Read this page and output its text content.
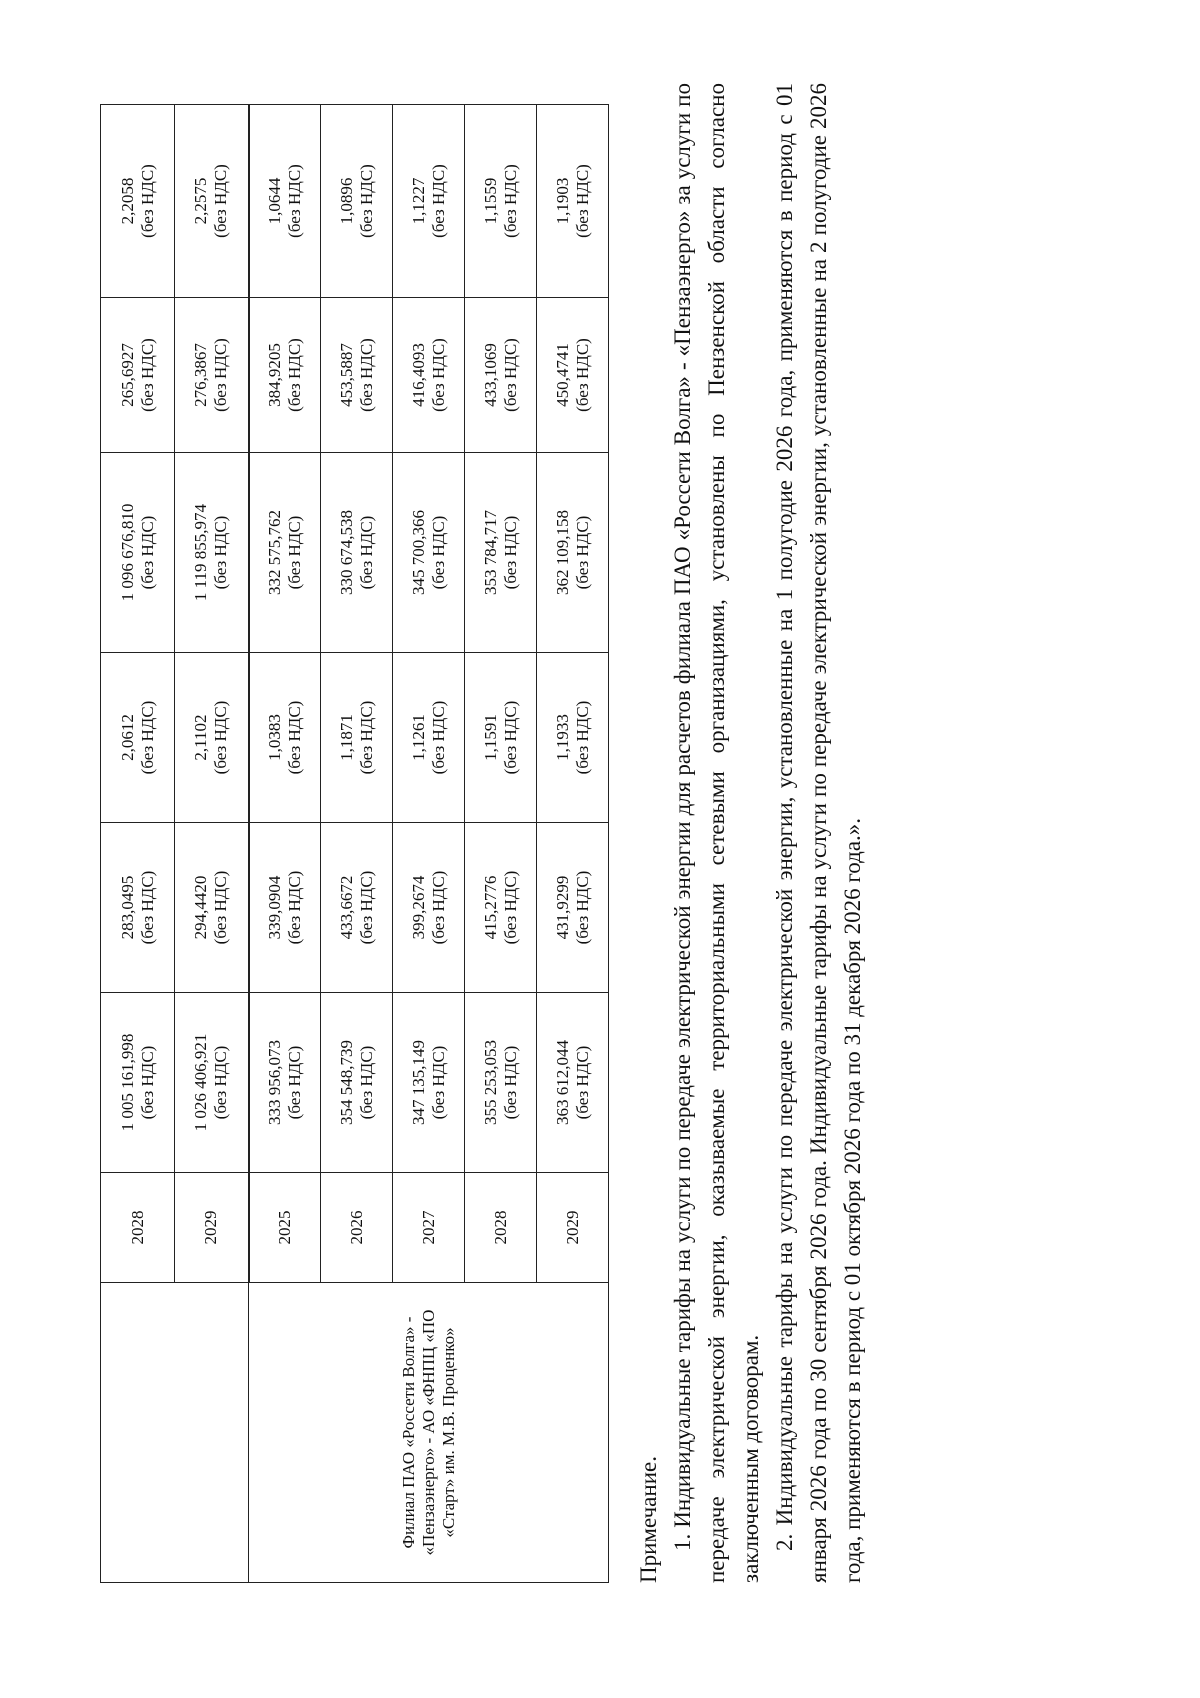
	2028	1 005 161,998 (без НДС)	283,0495 (без НДС)	2,0612 (без НДС)	1 096 676,810 (без НДС)	265,6927 (без НДС)	2,2058 (без НДС)

	2029	1 026 406,921 (без НДС)	294,4420 (без НДС)	2,1102 (без НДС)	1 119 855,974 (без НДС)	276,3867 (без НДС)	2,2575 (без НДС)

	2025	333 956,073 (без НДС)	339,0904 (без НДС)	1,0383 (без НДС)	332 575,762 (без НДС)	384,9205 (без НДС)	1,0644 (без НДС)

	2026	354 548,739 (без НДС)	433,6672 (без НДС)	1,1871 (без НДС)	330 674,538 (без НДС)	453,5887 (без НДС)	1,0896 (без НДС)

Филиал ПАО «Россети Волга» - «Пензаэнерго» - АО «ФНПЦ «ПО «Старт» им. М.В. Проценко»	2027	347 135,149 (без НДС)	399,2674 (без НДС)	1,1261 (без НДС)	345 700,366 (без НДС)	416,4093 (без НДС)	1,1227 (без НДС)

	2028	355 253,053 (без НДС)	415,2776 (без НДС)	1,1591 (без НДС)	353 784,717 (без НДС)	433,1069 (без НДС)	1,1559 (без НДС)

	2029	363 612,044 (без НДС)	431,9299 (без НДС)	1,1933 (без НДС)	362 109,158 (без НДС)	450,4741 (без НДС)	1,1903 (без НДС)

Примечание. 1. Индивидуальные тарифы на услуги по передаче электрической энергии для расчетов филиала ПАО «Россети Волга» - «Пензаэнерго» за услуги по передаче электрической энергии, оказываемые территориальными сетевыми организациями, установлены по Пензенской области согласно заключенным договорам. 2. Индивидуальные тарифы на услуги по передаче электрической энергии, установленные на 1 полугодие 2026 года, применяются в период с 01 января 2026 года по 30 сентября 2026 года. Индивидуальные тарифы на услуги по передаче электрической энергии, установленные на 2 полугодие 2026 года, применяются в период с 01 октября 2026 года по 31 декабря 2026 года.».
